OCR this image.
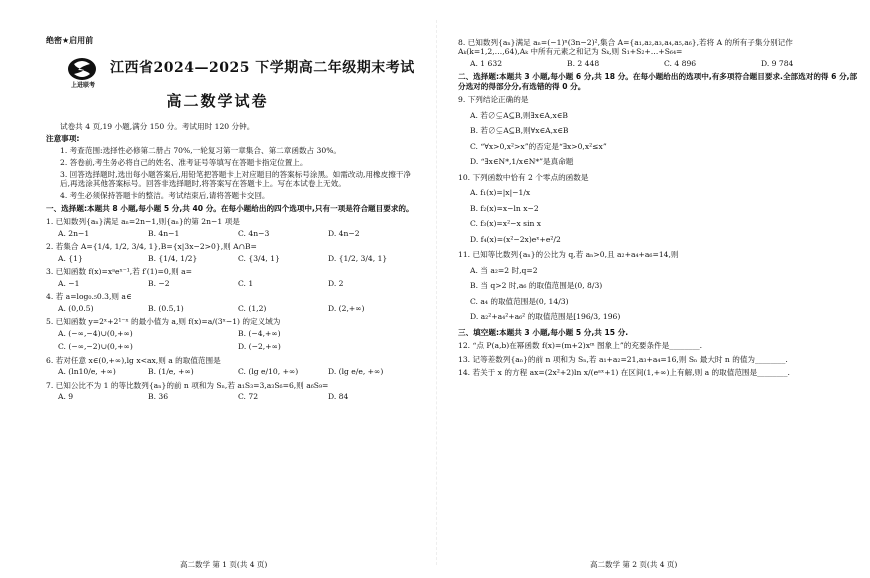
绝密★启用前
上进联考
江西省2024—2025 下学期高二年级期末考试
高二数学试卷

试卷共 4 页,19 小题,满分 150 分。考试用时 120 分钟。

注意事项:

1. 考查范围:选择性必修第二册占 70%,一轮复习第一章集合、第二章函数占 30%。

2. 答卷前,考生务必将自己的姓名、准考证号等填写在答题卡指定位置上。

3. 回答选择题时,选出每小题答案后,用铅笔把答题卡上对应题目的答案标号涂黑。如需改动,用橡皮擦干净后,再选涂其他答案标号。回答非选择题时,将答案写在答题卡上。写在本试卷上无效。

4. 考生必须保持答题卡的整洁。考试结束后,请将答题卡交回。

一、选择题:本题共 8 小题,每小题 5 分,共 40 分。在每小题给出的四个选项中,只有一项是符合题目要求的。

1. 已知数列{aₙ}满足 aₙ=2n−1,则{aₙ}的第 2n−1 项是
A. 2n−1	B. 4n−1	C. 4n−3	D. 4n−2
2. 若集合 A={1/4, 1/2, 3/4, 1},B={x|3x−2>0},则 A∩B=
A. {1}	B. {1/4, 1/2}	C. {3/4, 1}	D. {1/2, 3/4, 1}
3. 已知函数 f(x)=xᵃeˣ⁻¹,若 f′(1)=0,则 a=
A. −1	B. −2	C. 1	D. 2
4. 若 a=log₀.₅0.3,则 a∈
A. (0,0.5)	B. (0.5,1)	C. (1,2)	D. (2,+∞)
5. 已知函数 y=2ˣ+2¹⁻ˣ 的最小值为 a,则 f(x)=a/(3ˣ−1) 的定义域为
A. (−∞,−4)∪(0,+∞)	B. (−4,+∞)
C. (−∞,−2)∪(0,+∞)	D. (−2,+∞)
6. 若对任意 x∈(0,+∞),lg x<ax,则 a 的取值范围是
A. (ln10/e, +∞)	B. (1/e, +∞)	C. (lg e/10, +∞)	D. (lg e/e, +∞)
7. 已知公比不为 1 的等比数列{aₙ}的前 n 项和为 Sₙ,若 a₁S₃=3,a₃S₆=6,则 a₆S₉=
A. 9	B. 36	C. 72	D. 84
8. 已知数列{aₙ}满足 aₙ=(−1)ⁿ(3n−2)²,集合 A={a₁,a₂,a₃,a₄,a₅,a₆},若将 A 的所有子集分别记作 Aₖ(k=1,2,…,64),Aₖ 中所有元素之和记为 Sₖ,则 S₁+S₂+…+S₆₄=
A. 1 632	B. 2 448	C. 4 896	D. 9 784

二、选择题:本题共 3 小题,每小题 6 分,共 18 分。在每小题给出的选项中,有多项符合题目要求.全部选对的得 6 分,部分选对的得部分分,有选错的得 0 分。

9. 下列结论正确的是
A. 若∅⊊A⊆B,则∃x∈A,x∈B
B. 若∅⊊A⊆B,则∀x∈A,x∈B
C. “∀x>0,x²>x”的否定是“∃x>0,x²≤x”
D. “∃x∈N*,1/x∈N*”是真命题
10. 下列函数中恰有 2 个零点的函数是
A. f₁(x)=|x|−1/x
B. f₂(x)=x−ln x−2
C. f₃(x)=x²−x sin x
D. f₄(x)=(x²−2x)eˣ+e²/2
11. 已知等比数列{aₙ}的公比为 q,若 aₙ>0,且 a₂+a₄+a₆=14,则
A. 当 a₂=2 时,q=2
B. 当 q>2 时,a₆ 的取值范围是(0, 8/3)
C. a₄ 的取值范围是(0, 14/3)
D. a₂²+a₄²+a₆² 的取值范围是[196/3, 196)

三、填空题:本题共 3 小题,每小题 5 分,共 15 分.

12. “点 P(a,b)在幂函数 f(x)=(m+2)xᵐ 图象上”的充要条件是________.
13. 记等差数列{aₙ}的前 n 项和为 Sₙ,若 a₁+a₂=21,a₃+a₄=16,则 Sₙ 最大时 n 的值为________.
14. 若关于 x 的方程 ax=(2x²+2)ln x/(eᵃˣ+1) 在区间(1,+∞)上有解,则 a 的取值范围是________.
高二数学 第 1 页(共 4 页)	高二数学 第 2 页(共 4 页)
